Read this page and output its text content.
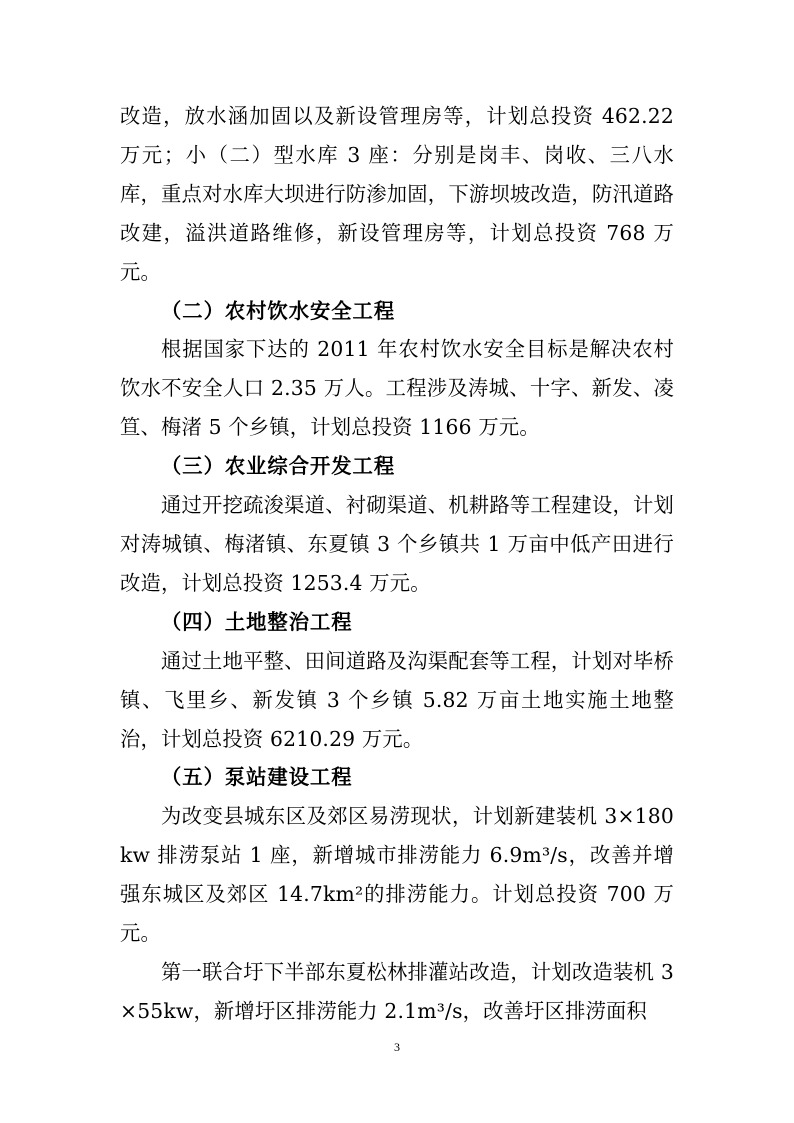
改造，放水涵加固以及新设管理房等，计划总投资 462.22 万元；小（二）型水库 3 座：分别是岗丰、岗收、三八水库，重点对水库大坝进行防渗加固，下游坝坡改造，防汛道路改建，溢洪道路维修，新设管理房等，计划总投资 768 万元。

（二）农村饮水安全工程

根据国家下达的 2011 年农村饮水安全目标是解决农村饮水不安全人口 2.35 万人。工程涉及涛城、十字、新发、凌笪、梅渚 5 个乡镇，计划总投资 1166 万元。

（三）农业综合开发工程

通过开挖疏浚渠道、衬砌渠道、机耕路等工程建设，计划对涛城镇、梅渚镇、东夏镇 3 个乡镇共 1 万亩中低产田进行改造，计划总投资 1253.4 万元。

（四）土地整治工程

通过土地平整、田间道路及沟渠配套等工程，计划对毕桥镇、飞里乡、新发镇 3 个乡镇 5.82 万亩土地实施土地整治，计划总投资 6210.29 万元。

（五）泵站建设工程

为改变县城东区及郊区易涝现状，计划新建装机 3×180kw 排涝泵站 1 座，新增城市排涝能力 6.9m³/s，改善并增强东城区及郊区 14.7km²的排涝能力。计划总投资 700 万元。

第一联合圩下半部东夏松林排灌站改造，计划改造装机 3×55kw，新增圩区排涝能力 2.1m³/s，改善圩区排涝面积

3
